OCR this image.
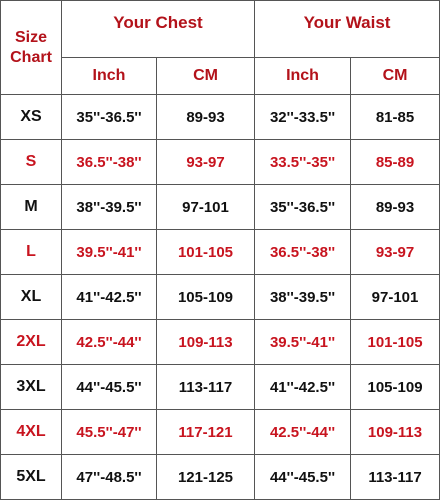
Size
Chart	Your Chest		Your Waist	
	Inch	CM	Inch	CM
XS	35''-36.5''	89-93	32''-33.5''	81-85
S	36.5''-38''	93-97	33.5''-35''	85-89
M	38''-39.5''	97-101	35''-36.5''	89-93
L	39.5''-41''	101-105	36.5''-38''	93-97
XL	41''-42.5''	105-109	38''-39.5''	97-101
2XL	42.5''-44''	109-113	39.5''-41''	101-105
3XL	44''-45.5''	113-117	41''-42.5''	105-109
4XL	45.5''-47''	117-121	42.5''-44''	109-113
5XL	47''-48.5''	121-125	44''-45.5''	113-117
